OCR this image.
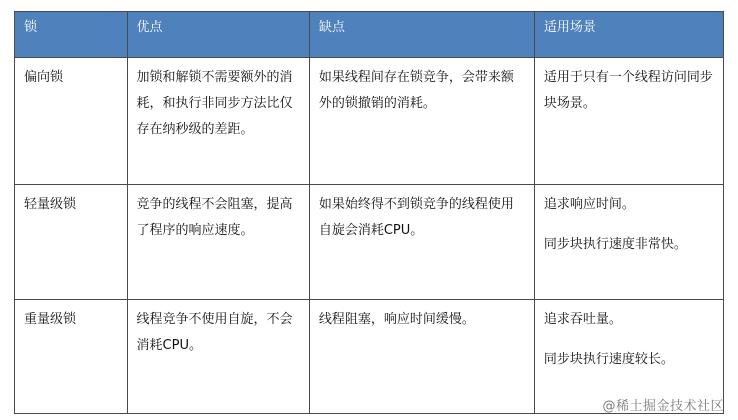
锁	优点	缺点	适用场景

偏向锁	加锁和解锁不需要额外的消耗，和执行非同步方法比仅存在纳秒级的差距。	如果线程间存在锁竞争，会带来额外的锁撤销的消耗。	适用于只有一个线程访问同步块场景。

轻量级锁	竞争的线程不会阻塞，提高了程序的响应速度。	如果始终得不到锁竞争的线程使用自旋会消耗CPU。	追求响应时间。
同步块执行速度非常快。

重量级锁	线程竞争不使用自旋，不会消耗CPU。	线程阻塞，响应时间缓慢。	追求吞吐量。
同步块执行速度较长。
@稀土掘金技术社区
